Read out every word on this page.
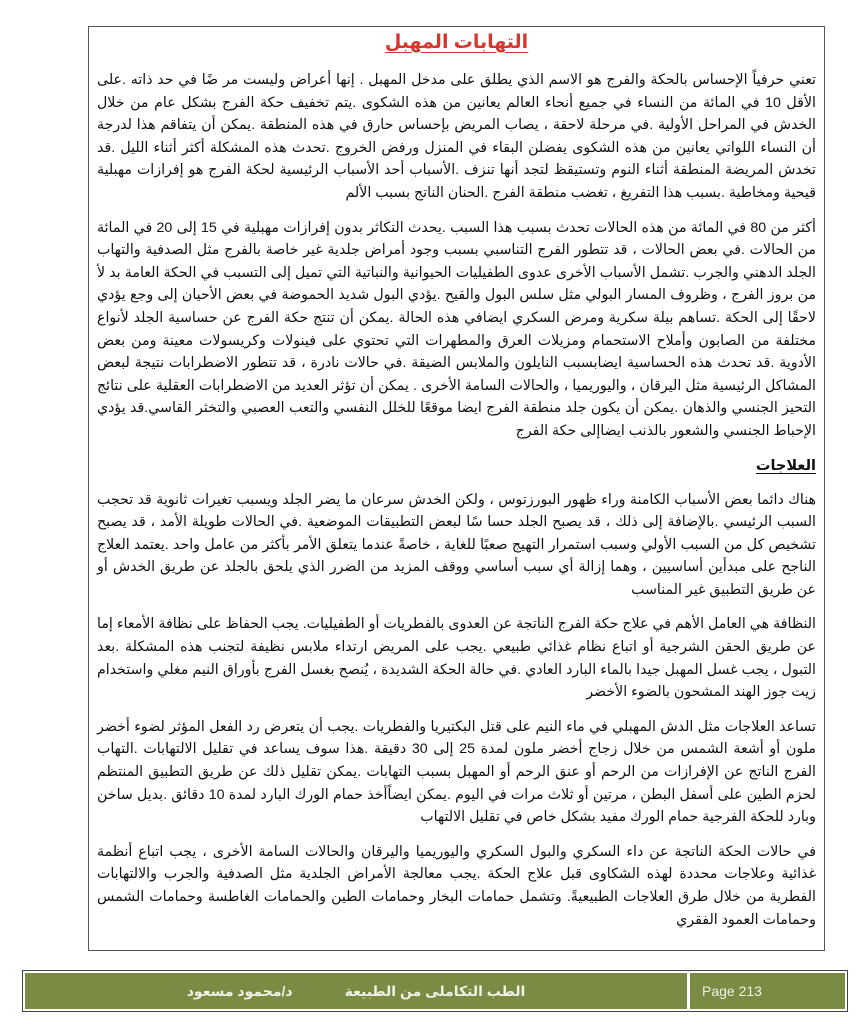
التهابات المهبل

تعني حرفياً الإحساس بالحكة والفرج هو الاسم الذي يطلق على مدخل المهبل . إنها أعراض وليست مر ضًا في حد ذاته .على الأقل 10 في المائة من النساء في جميع أنحاء العالم يعانين من هذه الشكوى .يتم تخفيف حكة الفرج بشكل عام من خلال الخدش في المراحل الأولية .في مرحلة لاحقة ، يصاب المريض بإحساس حارق في هذه المنطقة .يمكن أن يتفاقم هذا لدرجة أن النساء اللواتي يعانين من هذه الشكوى يفضلن البقاء في المنزل ورفض الخروج .تحدث هذه المشكلة أكثر أثناء الليل .قد تخدش المريضة المنطقة أثناء النوم وتستيقظ لتجد أنها تنزف .الأسباب أحد الأسباب الرئيسية لحكة الفرج هو إفرازات مهبلية قيحية ومخاطية .بسبب هذا التفريغ ، تغضب منطقة الفرج .الحنان الناتج بسبب الألم

أكثر من 80 في المائة من هذه الحالات تحدث بسبب هذا السبب .يحدث التكاثر بدون إفرازات مهبلية في 15 إلى 20 في المائة من الحالات .في بعض الحالات ، قد تتطور الفرج التناسبي بسبب وجود أمراض جلدية غير خاصة بالفرج مثل الصدفية والتهاب الجلد الدهني والجرب .تشمل الأسباب الأخرى عدوى الطفيليات الحيوانية والنباتية التي تميل إلى التسبب في الحكة العامة بد لأ من بروز الفرج ، وظروف المسار البولي مثل سلس البول والقيح .يؤدي البول شديد الحموضة في بعض الأحيان إلى وجع يؤدي لاحقًا إلى الحكة .تساهم بيلة سكرية ومرض السكري ايضافي هذه الحالة .يمكن أن تنتج حكة الفرج عن حساسية الجلد لأنواع مختلفة من الصابون وأملاح الاستحمام ومزيلات العرق والمطهرات التي تحتوي على فينولات وكريسولات معينة ومن بعض الأدوية .قد تحدث هذه الحساسية ايضابسبب النايلون والملابس الضيقة .في حالات نادرة ، قد تتطور الاضطرابات نتيجة لبعض المشاكل الرئيسية مثل اليرقان ، واليوريميا ، والحالات السامة الأخرى . يمكن أن تؤثر العديد من الاضطرابات العقلية على نتائج التحيز الجنسي والذهان .يمكن أن يكون جلد منطقة الفرج ايضا موقعًا للخلل النفسي والتعب العصبي والتخثر القاسي.قد يؤدي الإحباط الجنسي والشعور بالذنب ايضاإلى حكة الفرج

العلاجات

هناك دائما بعض الأسباب الكامنة وراء ظهور البورزتوس ، ولكن الخدش سرعان ما يضر الجلد ويسبب تغيرات ثانوية قد تحجب السبب الرئيسي .بالإضافة إلى ذلك ، قد يصبح الجلد حسا سًا لبعض التطبيقات الموضعية .في الحالات طويلة الأمد ، قد يصبح تشخيص كل من السبب الأولي وسبب استمرار التهيج صعبًا للغاية ، خاصةً عندما يتعلق الأمر بأكثر من عامل واحد .يعتمد العلاج الناجح على مبدأين أساسيين ، وهما إزالة أي سبب أساسي ووقف المزيد من الضرر الذي يلحق بالجلد عن طريق الخدش أو عن طريق التطبيق غير المناسب

النظافة هي العامل الأهم في علاج حكة الفرج الناتجة عن العدوى بالفطريات أو الطفيليات. يجب الحفاظ على نظافة الأمعاء إما عن طريق الحقن الشرجية أو اتباع نظام غذائي طبيعي .يجب على المريض ارتداء ملابس نظيفة لتجنب هذه المشكلة .بعد التبول ، يجب غسل المهبل جيدا بالماء البارد العادي .في حالة الحكة الشديدة ، يُنصح بغسل الفرج بأوراق النيم مغلي واستخدام زيت جوز الهند المشحون بالضوء الأخضر

تساعد العلاجات مثل الدش المهبلي في ماء النيم على قتل البكتيريا والفطريات .يجب أن يتعرض رد الفعل المؤثر لضوء أخضر ملون أو أشعة الشمس من خلال زجاج أخضر ملون لمدة 25 إلى 30 دقيقة .هذا سوف يساعد في تقليل الالتهابات .التهاب الفرج الناتج عن الإفرازات من الرحم أو عنق الرحم أو المهبل بسبب التهابات .يمكن تقليل ذلك عن طريق التطبيق المنتظم لحزم الطين على أسفل البطن ، مرتين أو ثلاث مرات في اليوم .يمكن ايضاًأخذ حمام الورك البارد لمدة 10 دقائق .بديل ساخن وبارد للحكة الفرجية حمام الورك مفيد بشكل خاص في تقليل الالتهاب

في حالات الحكة الناتجة عن داء السكري والبول السكري واليوريميا واليرقان والحالات السامة الأخرى ، يجب اتباع أنظمة غذائية وعلاجات محددة لهذه الشكاوى قبل علاج الحكة .يجب معالجة الأمراض الجلدية مثل الصدفية والجرب والالتهابات الفطرية من خلال طرق العلاجات الطبيعيةً. وتشمل حمامات البخار وحمامات الطين والحمامات الغاطسة وحمامات الشمس وحمامات العمود الفقري

الطب التكاملى من الطبيعة
د/محمود مسعود	Page 213
